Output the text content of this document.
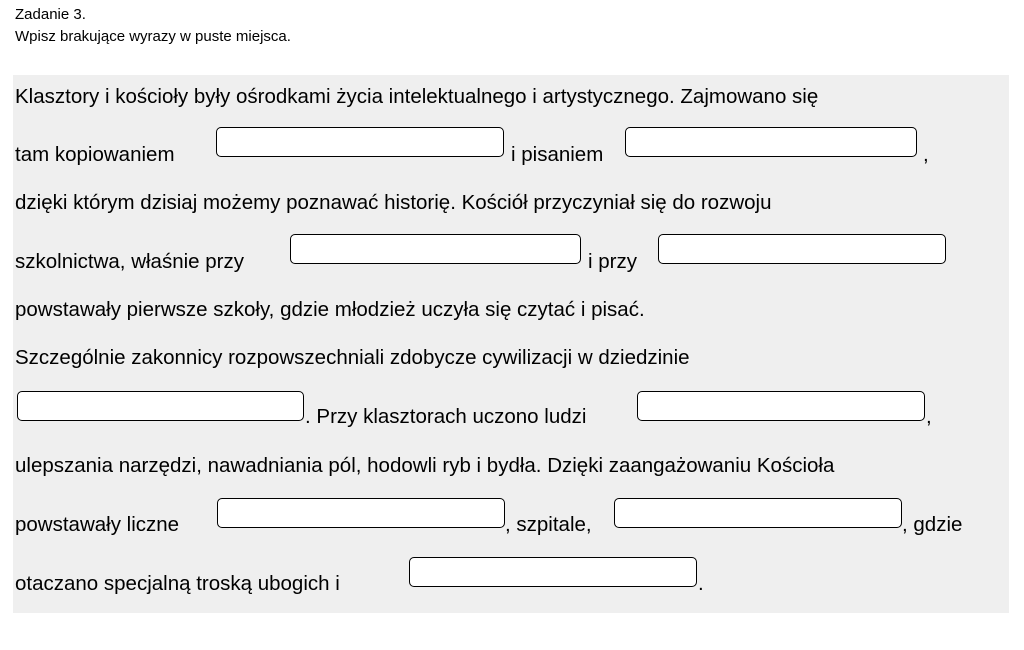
Zadanie 3.
Wpisz brakujące wyrazy w puste miejsca.
Klasztory i kościoły były ośrodkami życia intelektualnego i artystycznego. Zajmowano się
tam kopiowaniem	i pisaniem	,
dzięki którym dzisiaj możemy poznawać historię. Kościół przyczyniał się do rozwoju
szkolnictwa, właśnie przy	i przy
powstawały pierwsze szkoły, gdzie młodzież uczyła się czytać i pisać.
Szczególnie zakonnicy rozpowszechniali zdobycze cywilizacji w dziedzinie
. Przy klasztorach uczono ludzi	,
ulepszania narzędzi, nawadniania pól, hodowli ryb i bydła. Dzięki zaangażowaniu Kościoła
powstawały liczne	, szpitale,	, gdzie
otaczano specjalną troską ubogich i	.
